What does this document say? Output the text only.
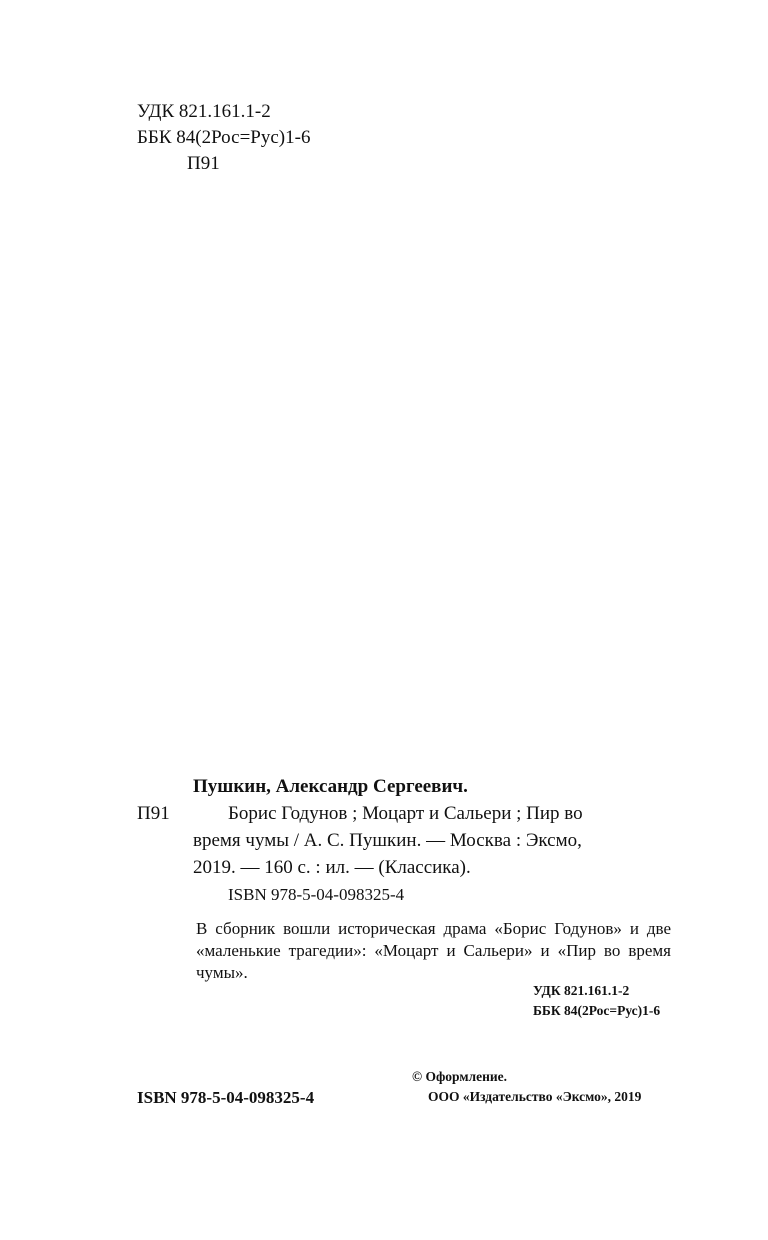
УДК 821.161.1-2
ББК 84(2Рос=Рус)1-6
П91
Пушкин, Александр Сергеевич.
П91	Борис Годунов ; Моцарт и Сальери ; Пир во
время чумы / А. С. Пушкин. — Москва : Эксмо,
2019. — 160 с. : ил. — (Классика).
ISBN 978-5-04-098325-4
В сборник вошли историческая драма «Борис Годунов» и две «маленькие трагедии»: «Моцарт и Сальери» и «Пир во время чумы».
УДК 821.161.1-2
ББК 84(2Рос=Рус)1-6
ISBN 978-5-04-098325-4
© Оформление.
ООО «Издательство «Эксмо», 2019
